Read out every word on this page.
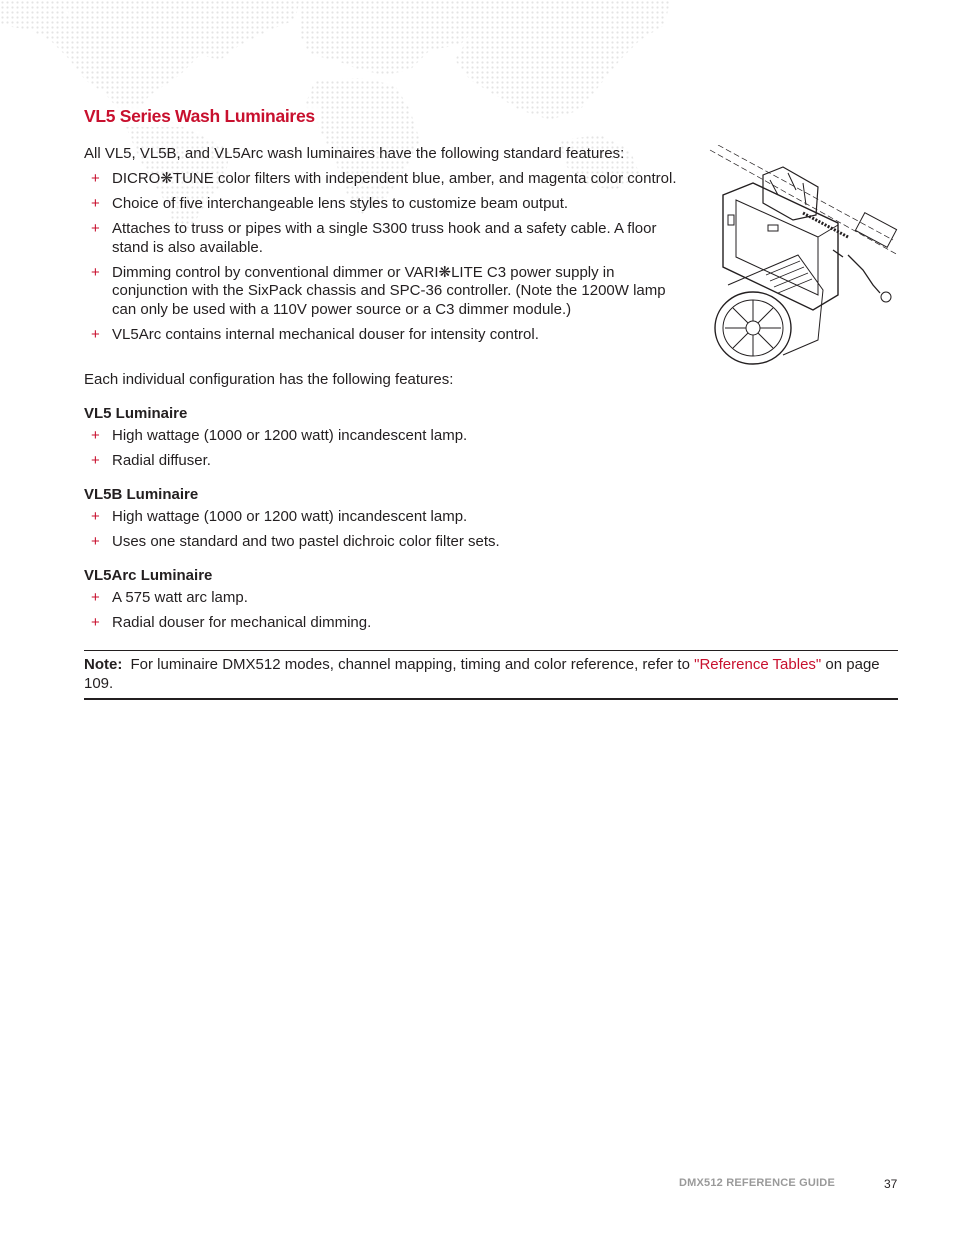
VL5 Series Wash Luminaires

All VL5, VL5B, and VL5Arc wash luminaires have the following standard features:

+ DICRO❋TUNE color filters with independent blue, amber, and magenta color control.
+ Choice of five interchangeable lens styles to customize beam output.
+ Attaches to truss or pipes with a single S300 truss hook and a safety cable. A floor stand is also available.
+ Dimming control by conventional dimmer or VARI❋LITE C3 power supply in conjunction with the SixPack chassis and SPC-36 controller. (Note the 1200W lamp can only be used with a 110V power source or a C3 dimmer module.)
+ VL5Arc contains internal mechanical douser for intensity control.

Each individual configuration has the following features:

VL5 Luminaire
+ High wattage (1000 or 1200 watt) incandescent lamp.
+ Radial diffuser.
VL5B Luminaire
+ High wattage (1000 or 1200 watt) incandescent lamp.
+ Uses one standard and two pastel dichroic color filter sets.
VL5Arc Luminaire
+ A 575 watt arc lamp.
+ Radial douser for mechanical dimming.
Note: For luminaire DMX512 modes, channel mapping, timing and color reference, refer to "Reference Tables" on page 109.
DMX512 REFERENCE GUIDE	37
